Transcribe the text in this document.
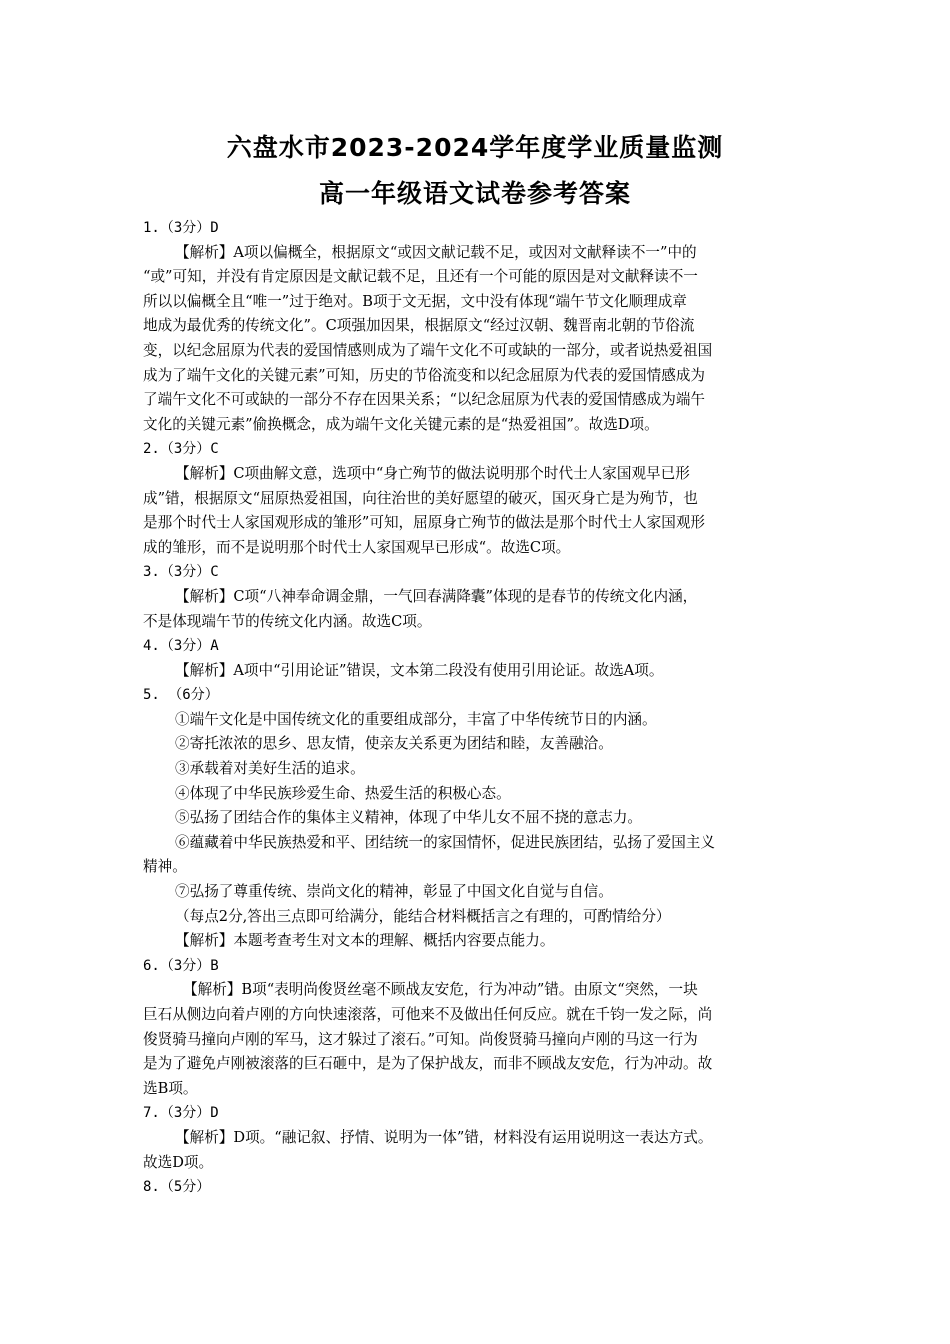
六盘水市2023-2024学年度学业质量监测
高一年级语文试卷参考答案

1.（3分）D

【解析】A项以偏概全，根据原文“或因文献记载不足，或因对文献释读不一”中的

“或”可知，并没有肯定原因是文献记载不足，且还有一个可能的原因是对文献释读不一

所以以偏概全且“唯一”过于绝对。B项于文无据，文中没有体现“端午节文化顺理成章

地成为最优秀的传统文化”。C项强加因果，根据原文“经过汉朝、魏晋南北朝的节俗流

变，以纪念屈原为代表的爱国情感则成为了端午文化不可或缺的一部分，或者说热爱祖国

成为了端午文化的关键元素”可知，历史的节俗流变和以纪念屈原为代表的爱国情感成为

了端午文化不可或缺的一部分不存在因果关系；“以纪念屈原为代表的爱国情感成为端午

文化的关键元素”偷换概念，成为端午文化关键元素的是“热爱祖国”。故选D项。

2.（3分）C

【解析】C项曲解文意，选项中“身亡殉节的做法说明那个时代士人家国观早已形

成”错，根据原文“屈原热爱祖国，向往治世的美好愿望的破灭，国灭身亡是为殉节，也

是那个时代士人家国观形成的雏形”可知，屈原身亡殉节的做法是那个时代士人家国观形

成的雏形，而不是说明那个时代士人家国观早已形成“。故选C项。

3.（3分）C

【解析】C项“八神奉命调金鼎，一气回春满降囊”体现的是春节的传统文化内涵，

不是体现端午节的传统文化内涵。故选C项。

4.（3分）A

【解析】A项中“引用论证”错误，文本第二段没有使用引用论证。故选A项。

5. （6分）

①端午文化是中国传统文化的重要组成部分，丰富了中华传统节日的内涵。

②寄托浓浓的思乡、思友情，使亲友关系更为团结和睦，友善融洽。

③承载着对美好生活的追求。

④体现了中华民族珍爱生命、热爱生活的积极心态。

⑤弘扬了团结合作的集体主义精神，体现了中华儿女不屈不挠的意志力。

⑥蕴藏着中华民族热爱和平、团结统一的家国情怀，促进民族团结，弘扬了爱国主义

精神。

⑦弘扬了尊重传统、崇尚文化的精神，彰显了中国文化自觉与自信。

（每点2分,答出三点即可给满分，能结合材料概括言之有理的，可酌情给分）

【解析】本题考查考生对文本的理解、概括内容要点能力。

6.（3分）B

【解析】B项“表明尚俊贤丝毫不顾战友安危，行为冲动”错。由原文“突然，一块

巨石从侧边向着卢刚的方向快速滚落，可他来不及做出任何反应。就在千钧一发之际，尚

俊贤骑马撞向卢刚的军马，这才躲过了滚石。”可知。尚俊贤骑马撞向卢刚的马这一行为

是为了避免卢刚被滚落的巨石砸中，是为了保护战友，而非不顾战友安危，行为冲动。故

选B项。

7.（3分）D

【解析】D项。“融记叙、抒情、说明为一体”错，材料没有运用说明这一表达方式。

故选D项。

8.（5分）
